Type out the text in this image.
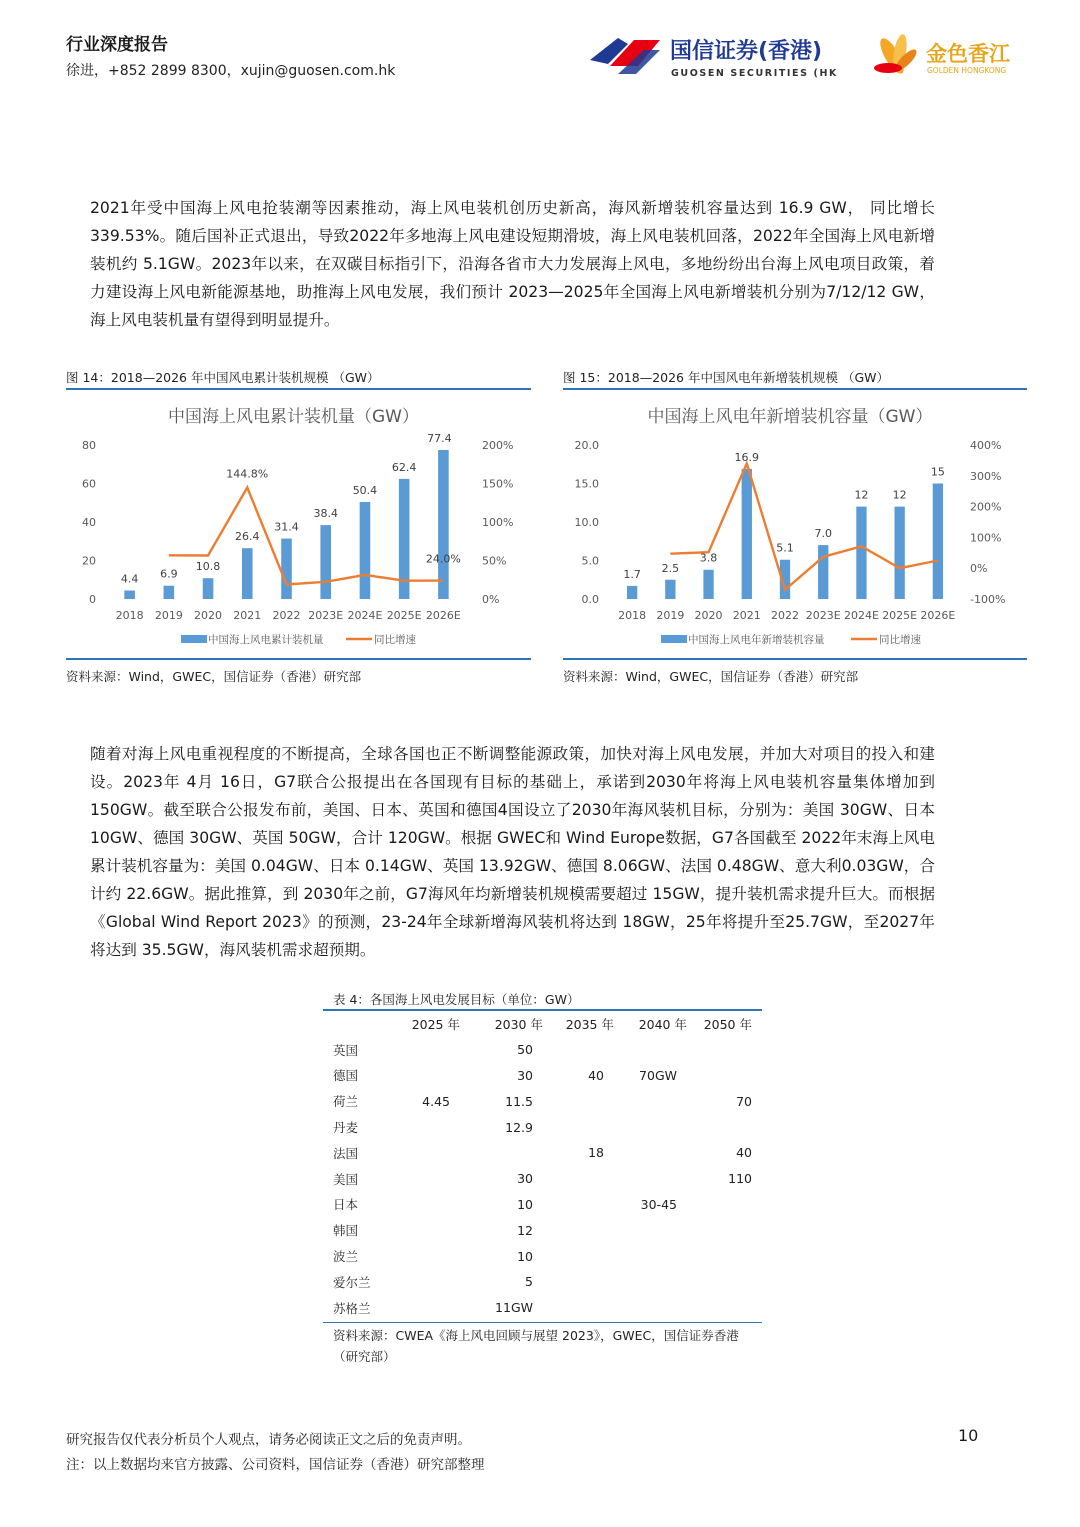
行业深度报告
徐进，+852 2899 8300，xujin@guosen.com.hk
国信证券(香港)
GUOSEN SECURITIES (HK)
金色香江
GOLDEN HONGKONG
2021年受中国海上风电抢装潮等因素推动，海上风电装机创历史新高，海风新增装机容量达到 16.9 GW， 同比增长339.53%。随后国补正式退出，导致2022年多地海上风电建设短期滑坡，海上风电装机回落，2022年全国海上风电新增装机约 5.1GW。2023年以来，在双碳目标指引下，沿海各省市大力发展海上风电，多地纷纷出台海上风电项目政策，着力建设海上风电新能源基地，助推海上风电发展，我们预计 2023—2025年全国海上风电新增装机分别为7/12/12 GW，海上风电装机量有望得到明显提升。
图 14：2018—2026 年中国风电累计装机规模 （GW）
中国海上风电累计装机量（GW）
0
20
40
60
80
0%
50%
100%
150%
200%
4.4 6.9
10.8
26.4
31.4
38.4
50.4
62.4
77.4
144.8%
24.0%
2018 2019 2020 2021 2022 2023E 2024E 2025E 2026E
中国海上风电累计装机量	同比增速
资料来源：Wind，GWEC，国信证券（香港）研究部
图 15：2018—2026 年中国风电年新增装机规模 （GW）
中国海上风电年新增装机容量（GW）
0.0
5.0
10.0
15.0
20.0
-100%
0%
100%
200%
300%
400%
1.7 2.5
3.8
16.9
5.1
7.0
12 12
15
2018 2019 2020 2021 2022 2023E 2024E 2025E 2026E
中国海上风电年新增装机容量	同比增速
资料来源：Wind，GWEC，国信证券（香港）研究部
随着对海上风电重视程度的不断提高，全球各国也正不断调整能源政策，加快对海上风电发展，并加大对项目的投入和建设。2023年 4月 16日，G7联合公报提出在各国现有目标的基础上，承诺到2030年将海上风电装机容量集体增加到150GW。截至联合公报发布前，美国、日本、英国和德国4国设立了2030年海风装机目标，分别为：美国 30GW、日本 10GW、德国 30GW、英国 50GW，合计 120GW。根据 GWEC和 Wind Europe数据，G7各国截至 2022年末海上风电累计装机容量为：美国 0.04GW、日本 0.14GW、英国 13.92GW、德国 8.06GW、法国 0.48GW、意大利0.03GW，合计约 22.6GW。据此推算，到 2030年之前，G7海风年均新增装机规模需要超过 15GW，提升装机需求提升巨大。而根据《Global Wind Report 2023》的预测，23-24年全球新增海风装机将达到 18GW，25年将提升至25.7GW，至2027年将达到 35.5GW，海风装机需求超预期。
表 4：各国海上风电发展目标（单位：GW）
	2025 年	2030 年	2035 年	2040 年	2050 年
英国		50			
德国		30	40	70GW	
荷兰	4.45	11.5			70
丹麦		12.9			
法国			18		40
美国		30			110
日本		10		30-45	
韩国		12			
波兰		10			
爱尔兰		5			
苏格兰		11GW			
资料来源：CWEA《海上风电回顾与展望 2023》，GWEC，国信证券香港（研究部）
研究报告仅代表分析员个人观点，请务必阅读正文之后的免责声明。
注：以上数据均来官方披露、公司资料，国信证券（香港）研究部整理
10
